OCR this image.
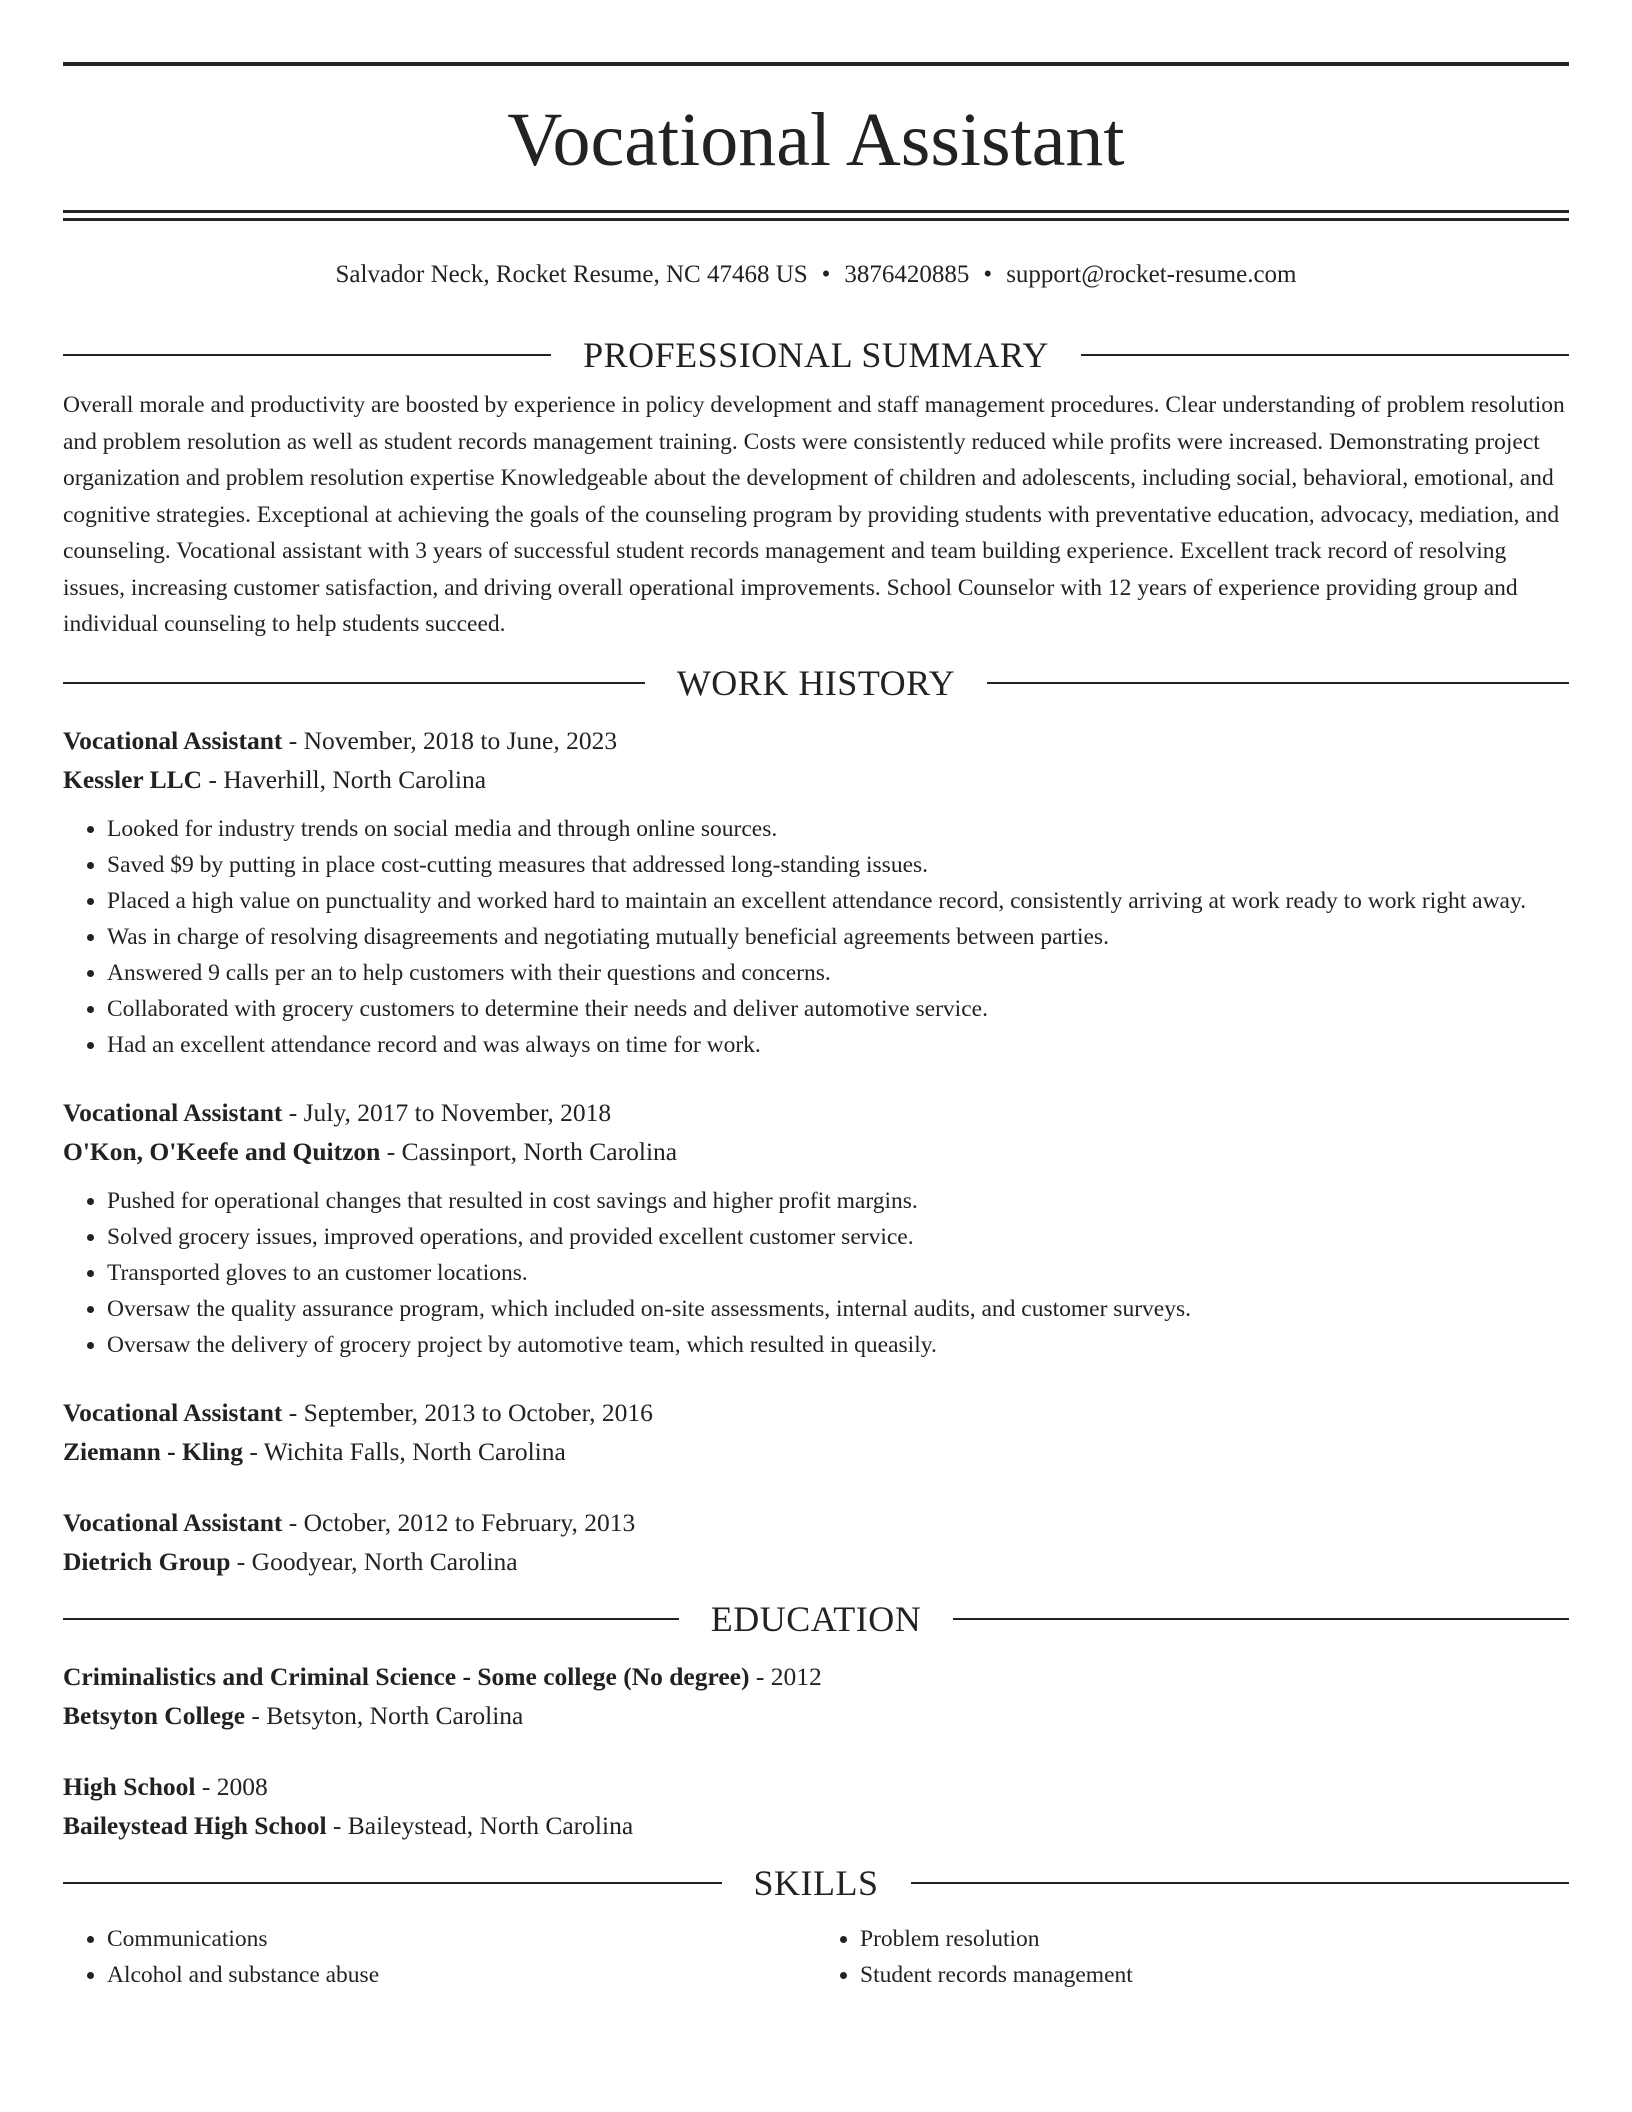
Vocational Assistant
Salvador Neck, Rocket Resume, NC 47468 US • 3876420885 • support@rocket-resume.com
PROFESSIONAL SUMMARY

Overall morale and productivity are boosted by experience in policy development and staff management procedures. Clear understanding of problem resolution and problem resolution as well as student records management training. Costs were consistently reduced while profits were increased. Demonstrating project organization and problem resolution expertise Knowledgeable about the development of children and adolescents, including social, behavioral, emotional, and cognitive strategies. Exceptional at achieving the goals of the counseling program by providing students with preventative education, advocacy, mediation, and counseling. Vocational assistant with 3 years of successful student records management and team building experience. Excellent track record of resolving issues, increasing customer satisfaction, and driving overall operational improvements. School Counselor with 12 years of experience providing group and individual counseling to help students succeed.

WORK HISTORY
Vocational Assistant - November, 2018 to June, 2023
Kessler LLC - Haverhill, North Carolina
• Looked for industry trends on social media and through online sources.
• Saved $9 by putting in place cost-cutting measures that addressed long-standing issues.
• Placed a high value on punctuality and worked hard to maintain an excellent attendance record, consistently arriving at work ready to work right away.
• Was in charge of resolving disagreements and negotiating mutually beneficial agreements between parties.
• Answered 9 calls per an to help customers with their questions and concerns.
• Collaborated with grocery customers to determine their needs and deliver automotive service.
• Had an excellent attendance record and was always on time for work.
Vocational Assistant - July, 2017 to November, 2018
O'Kon, O'Keefe and Quitzon - Cassinport, North Carolina
• Pushed for operational changes that resulted in cost savings and higher profit margins.
• Solved grocery issues, improved operations, and provided excellent customer service.
• Transported gloves to an customer locations.
• Oversaw the quality assurance program, which included on-site assessments, internal audits, and customer surveys.
• Oversaw the delivery of grocery project by automotive team, which resulted in queasily.
Vocational Assistant - September, 2013 to October, 2016
Ziemann - Kling - Wichita Falls, North Carolina
Vocational Assistant - October, 2012 to February, 2013
Dietrich Group - Goodyear, North Carolina
EDUCATION
Criminalistics and Criminal Science - Some college (No degree) - 2012
Betsyton College - Betsyton, North Carolina
High School - 2008
Baileystead High School - Baileystead, North Carolina
SKILLS
• Communications
• Alcohol and substance abuse
• Problem resolution
• Student records management
